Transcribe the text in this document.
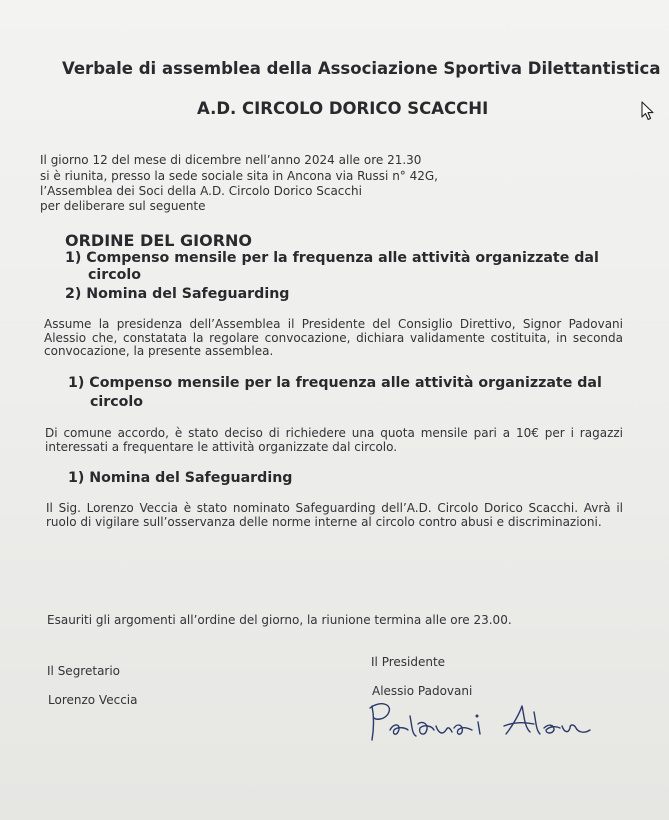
Verbale di assemblea della Associazione Sportiva Dilettantistica
A.D. CIRCOLO DORICO SCACCHI
Il giorno 12 del mese di dicembre nell’anno 2024 alle ore 21.30
si è riunita, presso la sede sociale sita in Ancona via Russi n° 42G,
l’Assemblea dei Soci della A.D. Circolo Dorico Scacchi
per deliberare sul seguente
ORDINE DEL GIORNO
1) Compenso mensile per la frequenza alle attività organizzate dal
circolo
2) Nomina del Safeguarding
Assume la presidenza dell’Assemblea il Presidente del Consiglio Direttivo, Signor Padovani Alessio che, constatata la regolare convocazione, dichiara validamente costituita, in seconda convocazione, la presente assemblea.
1) Compenso mensile per la frequenza alle attività organizzate dal
circolo
Di comune accordo, è stato deciso di richiedere una quota mensile pari a 10€ per i ragazzi interessati a frequentare le attività organizzate dal circolo.
1) Nomina del Safeguarding
Il Sig. Lorenzo Veccia è stato nominato Safeguarding dell’A.D. Circolo Dorico Scacchi. Avrà il ruolo di vigilare sull’osservanza delle norme interne al circolo contro abusi e discriminazioni.
Esauriti gli argomenti all’ordine del giorno, la riunione termina alle ore 23.00.
Il Segretario
Lorenzo Veccia
Il Presidente
Alessio Padovani
